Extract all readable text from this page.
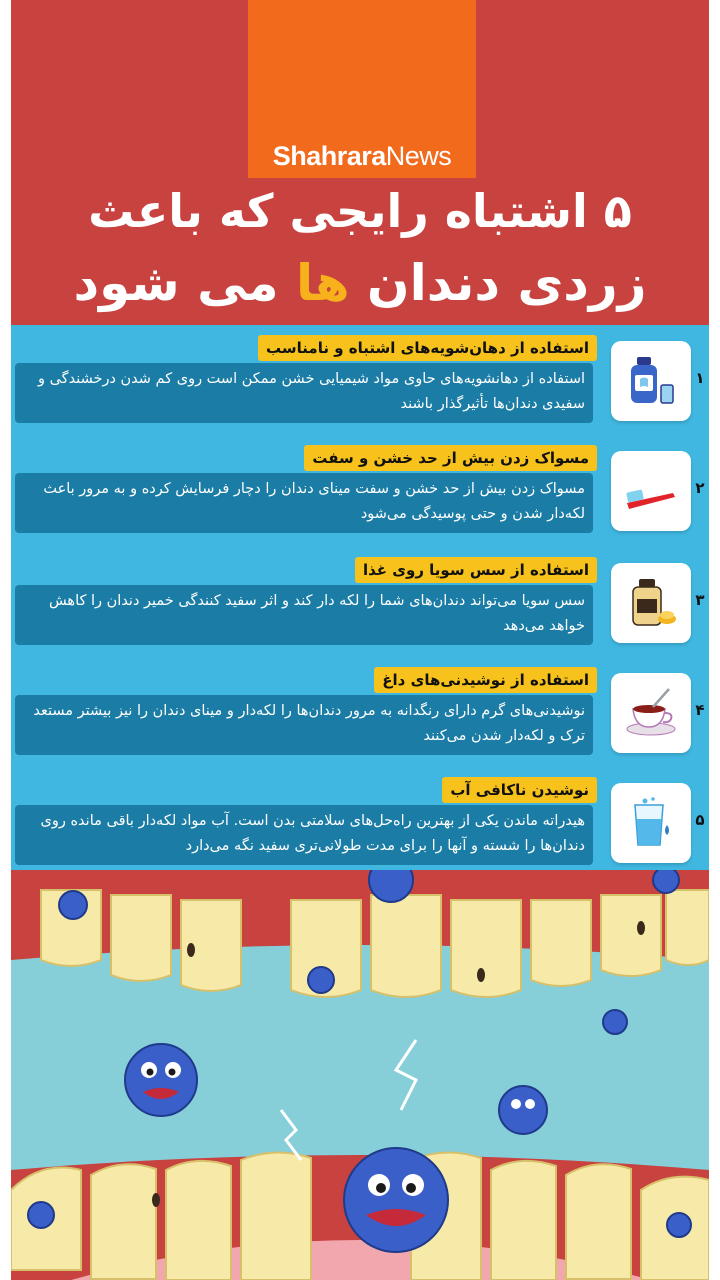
ShahraraNews
۵ اشتباه رایجی که باعث
زردی دندان ها می شود
استفاده از دهان‌شویه‌های اشتباه و نامناسب
استفاده از دهانشویه‌های حاوی مواد شیمیایی خشن ممکن است روی کم شدن درخشندگی و سفیدی دندان‌ها تأثیرگذار باشند
۱
مسواک زدن بیش از حد خشن و سفت
مسواک زدن بیش از حد خشن و سفت مینای دندان را دچار فرسایش کرده و به مرور باعث لکه‌دار شدن و حتی پوسیدگی می‌شود
۲
استفاده از سس سویا روی غذا
سس سویا می‌تواند دندان‌های شما را لکه دار کند و اثر سفید کنندگی خمیر دندان را کاهش خواهد می‌دهد
۳
استفاده از نوشیدنی‌های داغ
نوشیدنی‌های گرم دارای رنگدانه به مرور دندان‌ها را لکه‌دار و مینای دندان را نیز بیشتر مستعد ترک و لکه‌دار شدن می‌کنند
۴
نوشیدن ناکافی آب
هیدراته ماندن یکی از بهترین راه‌حل‌های سلامتی بدن است. آب مواد لکه‌دار باقی مانده روی دندان‌ها را شسته و آنها را برای مدت طولانی‌تری سفید نگه می‌دارد
۵
